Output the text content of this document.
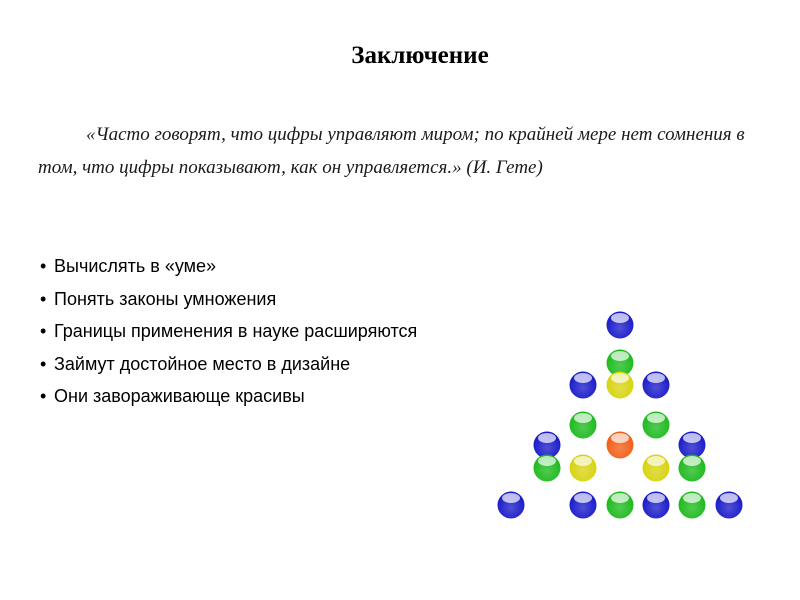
Заключение

«Часто говорят, что цифры управляют миром; по крайней мере нет сомнения в том, что цифры показывают, как он управляется.» (И. Гете)

• Вычислять в «уме»
• Понять законы умножения
• Границы применения в науке расширяются
• Займут достойное место в дизайне
• Они завораживающе красивы
